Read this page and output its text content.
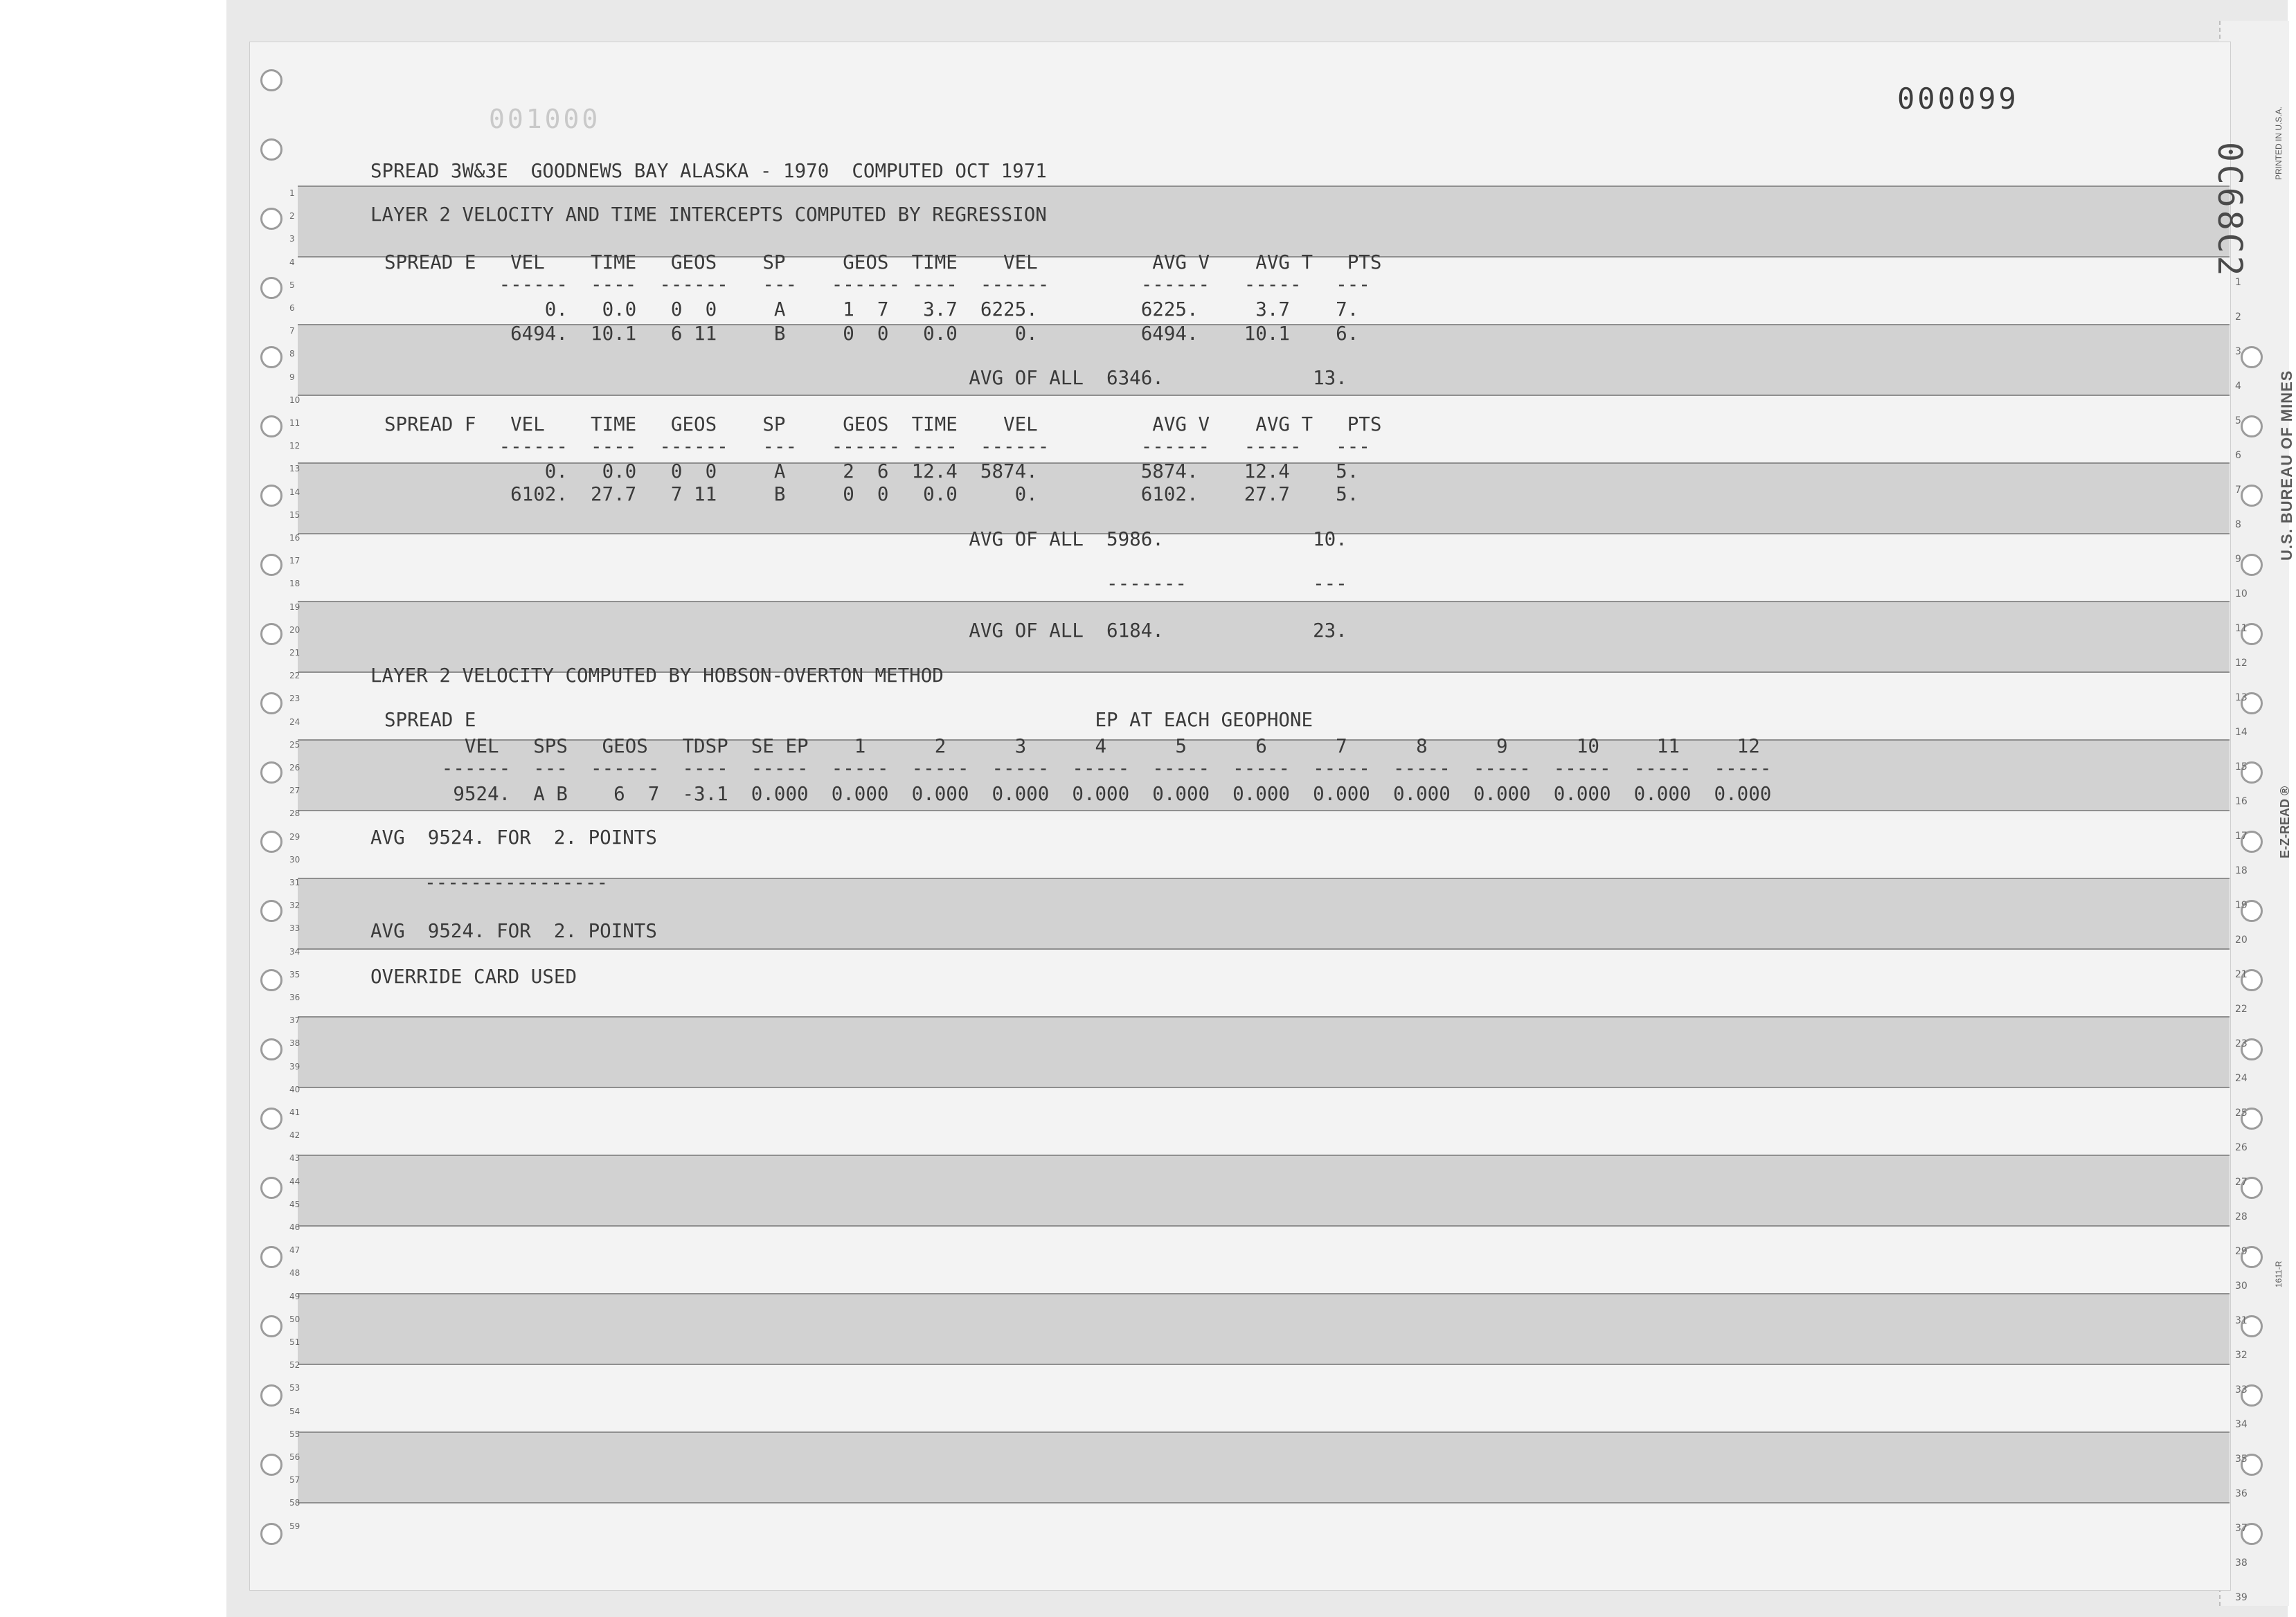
1
2
3
4
5
6
7
8
9
10
11
12
13
14
15
16
17
18
19
20
21
22
23
24
25
26
27
28
29
30
31
32
33
34
35
36
37
38
39
40
41
42
43
44
45
46
47
48
49
50
51
52
53
54
55
56
57
58
59
1
2
3
4
5
6
7
8
9
10
11
12
13
14
15
16
17
18
19
20
21
22
23
24
25
26
27
28
29
30
31
32
33
34
35
36
37
38
39
001000
000099
0C68C2	PRINTED IN U.S.A.
U.S. BUREAU OF MINES
E-Z-READ ®
1611-R
SPREAD 3W&3E  GOODNEWS BAY ALASKA - 1970  COMPUTED OCT 1971
LAYER 2 VELOCITY AND TIME INTERCEPTS COMPUTED BY REGRESSION
SPREAD E   VEL    TIME   GEOS    SP     GEOS  TIME    VEL          AVG V    AVG T   PTS
------  ----  ------   ---   ------ ----  ------        ------   -----   ---
0.   0.0   0  0     A     1  7   3.7  6225.         6225.     3.7    7.
6494.  10.1   6 11     B     0  0   0.0     0.         6494.    10.1    6.
AVG OF ALL  6346.             13.
SPREAD F   VEL    TIME   GEOS    SP     GEOS  TIME    VEL          AVG V    AVG T   PTS
------  ----  ------   ---   ------ ----  ------        ------   -----   ---
0.   0.0   0  0     A     2  6  12.4  5874.         5874.    12.4    5.
6102.  27.7   7 11     B     0  0   0.0     0.         6102.    27.7    5.
AVG OF ALL  5986.             10.
-------           ---
AVG OF ALL  6184.             23.
LAYER 2 VELOCITY COMPUTED BY HOBSON-OVERTON METHOD
SPREAD E                                                      EP AT EACH GEOPHONE
VEL   SPS   GEOS   TDSP  SE EP    1      2      3      4      5      6      7      8      9      10     11     12
------  ---  ------  ----  -----  -----  -----  -----  -----  -----  -----  -----  -----  -----  -----  -----  -----
9524.  A B    6  7  -3.1  0.000  0.000  0.000  0.000  0.000  0.000  0.000  0.000  0.000  0.000  0.000  0.000  0.000
AVG  9524. FOR  2. POINTS
----------------
AVG  9524. FOR  2. POINTS
OVERRIDE CARD USED
